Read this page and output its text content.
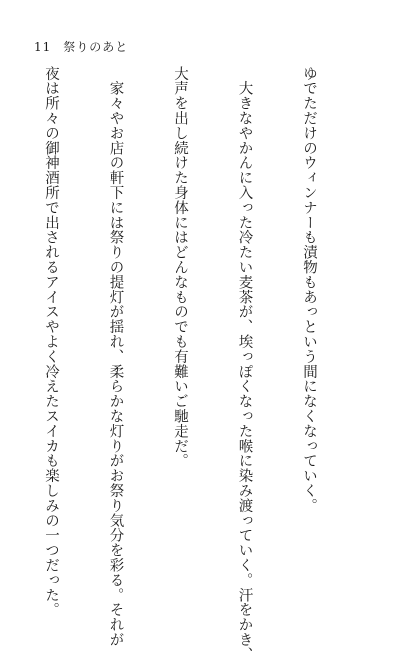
11 祭りのあと

ゆでただけのウィンナーも漬物もあっという間になくなっていく。

　大きなやかんに入った冷たい麦茶が、埃っぽくなった喉に染み渡っていく。汗をかき、

大声を出し続けた身体にはどんなものでも有難いご馳走だ。

　家々やお店の軒下には祭りの提灯が揺れ、柔らかな灯りがお祭り気分を彩る。それが

夜は所々の御神酒所で出されるアイスやよく冷えたスイカも楽しみの一つだった。
